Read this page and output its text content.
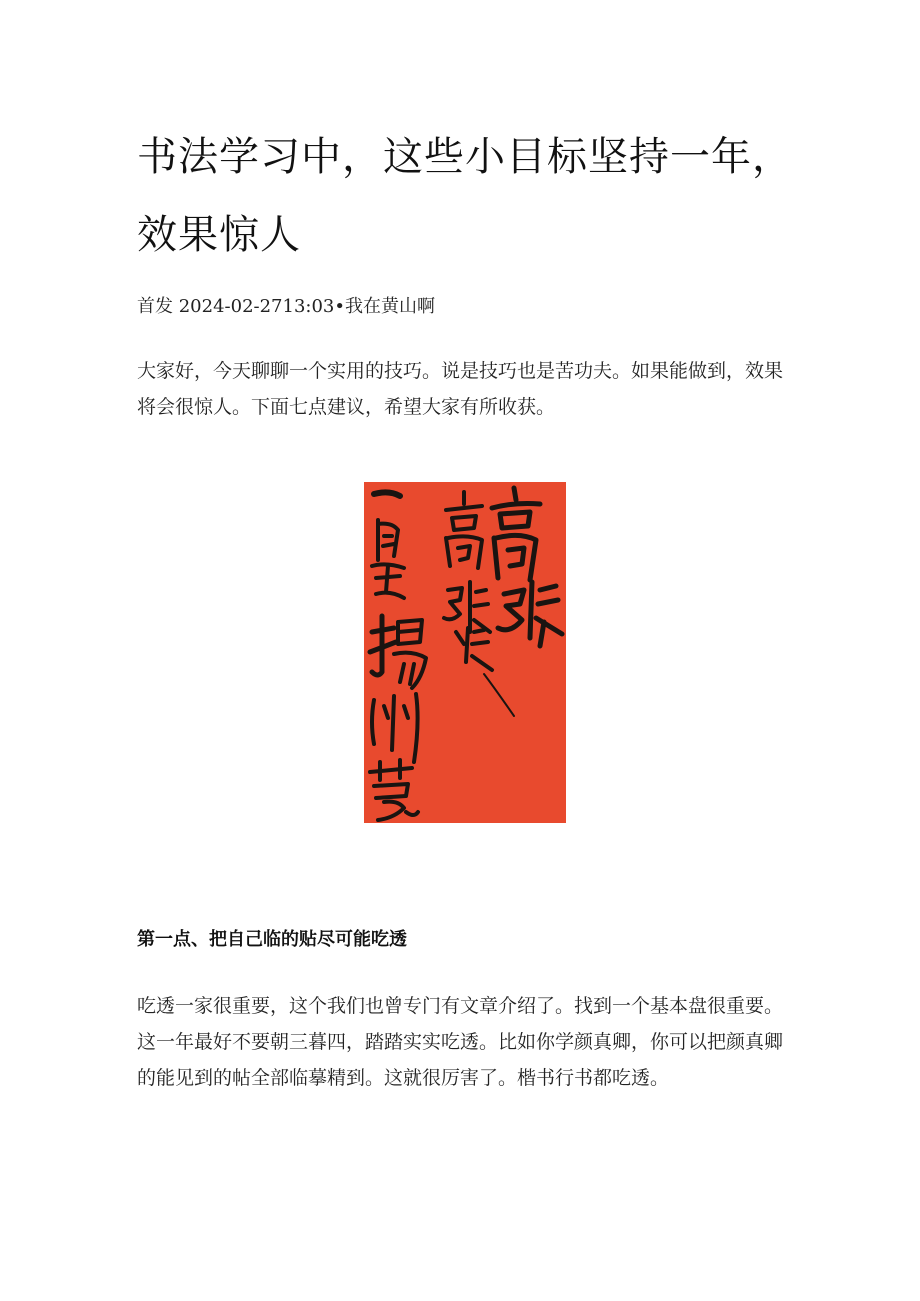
书法学习中，这些小目标坚持一年，效果惊人
首发 2024-02-2713:03•我在黄山啊

大家好，今天聊聊一个实用的技巧。说是技巧也是苦功夫。如果能做到，效果将会很惊人。下面七点建议，希望大家有所收获。

第一点、把自己临的贴尽可能吃透

吃透一家很重要，这个我们也曾专门有文章介绍了。找到一个基本盘很重要。这一年最好不要朝三暮四，踏踏实实吃透。比如你学颜真卿，你可以把颜真卿的能见到的帖全部临摹精到。这就很厉害了。楷书行书都吃透。
